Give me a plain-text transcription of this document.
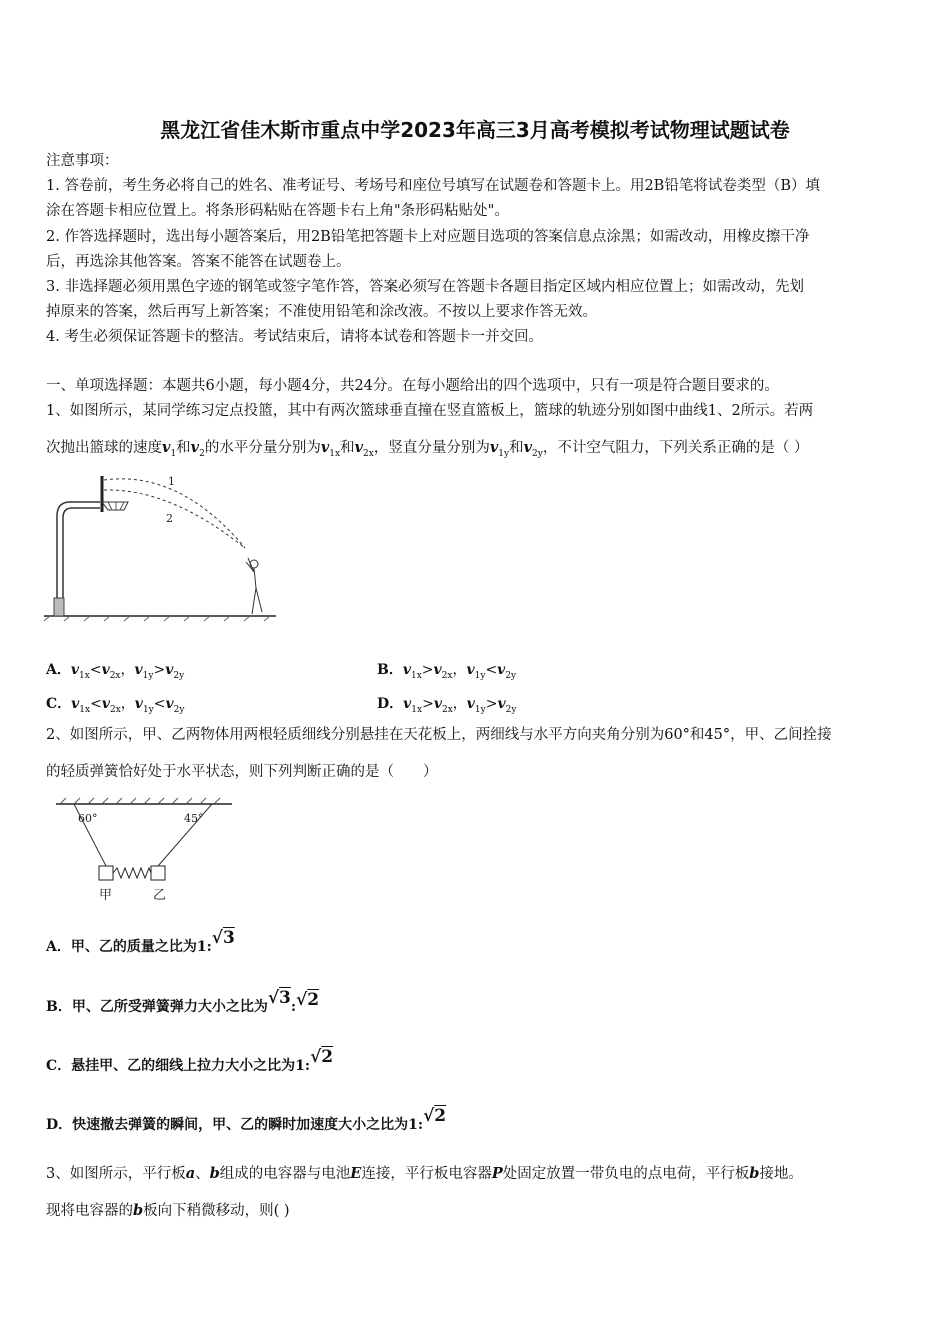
黑龙江省佳木斯市重点中学2023年高三3月高考模拟考试物理试题试卷
注意事项：
1. 答卷前，考生务必将自己的姓名、准考证号、考场号和座位号填写在试题卷和答题卡上。用2B铅笔将试卷类型（B）填
涂在答题卡相应位置上。将条形码粘贴在答题卡右上角"条形码粘贴处"。
2. 作答选择题时，选出每小题答案后，用2B铅笔把答题卡上对应题目选项的答案信息点涂黑；如需改动，用橡皮擦干净
后，再选涂其他答案。答案不能答在试题卷上。
3. 非选择题必须用黑色字迹的钢笔或签字笔作答，答案必须写在答题卡各题目指定区域内相应位置上；如需改动，先划
掉原来的答案，然后再写上新答案；不准使用铅笔和涂改液。不按以上要求作答无效。
4. 考生必须保证答题卡的整洁。考试结束后，请将本试卷和答题卡一并交回。
一、单项选择题：本题共6小题，每小题4分，共24分。在每小题给出的四个选项中，只有一项是符合题目要求的。
1、如图所示，某同学练习定点投篮，其中有两次篮球垂直撞在竖直篮板上，篮球的轨迹分别如图中曲线1、2所示。若两
次抛出篮球的速度$v_1$和$v_2$的水平分量分别为$v_{1x}$和$v_{2x}$，竖直分量分别为$v_{1y}$和$v_{2y}$，不计空气阻力，下列关系正确的是（ ）
1
2
A．$v_{1x}<v_{2x}$，$v_{1y}>v_{2y}$	B．$v_{1x}>v_{2x}$，$v_{1y}<v_{2y}$
C．$v_{1x}<v_{2x}$，$v_{1y}<v_{2y}$	D．$v_{1x}>v_{2x}$，$v_{1y}>v_{2y}$
2、如图所示，甲、乙两物体用两根轻质细线分别悬挂在天花板上，两细线与水平方向夹角分别为60°和45°，甲、乙间拴接
的轻质弹簧恰好处于水平状态，则下列判断正确的是（　　）
60°	45°
甲	乙
A．甲、乙的质量之比为1:√3
B．甲、乙所受弹簧弹力大小之比为√3:√2
C．悬挂甲、乙的细线上拉力大小之比为1:√2
D．快速撤去弹簧的瞬间，甲、乙的瞬时加速度大小之比为1:√2
3、如图所示，平行板a、b组成的电容器与电池E连接，平行板电容器P处固定放置一带负电的点电荷，平行板b接地。
现将电容器的b板向下稍微移动，则( )
